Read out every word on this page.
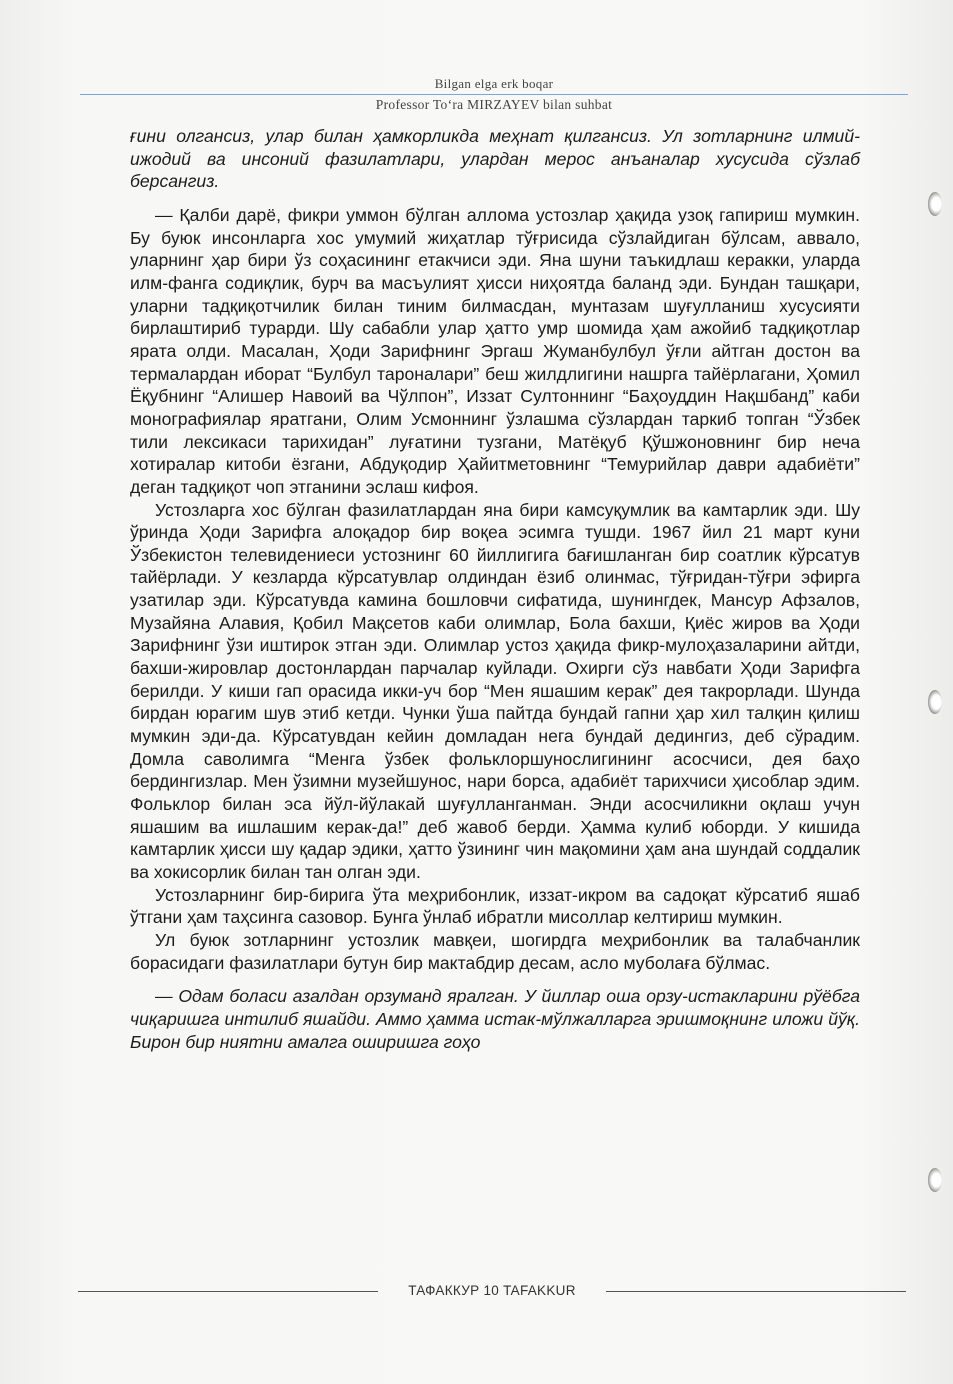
Bilgan elga erk boqar
Professor To‘ra MIRZAYEV bilan suhbat

ғини олгансиз, улар билан ҳамкорликда меҳнат қилгансиз. Ул зотларнинг илмий-ижодий ва инсоний фазилатлари, улардан мерос анъаналар хусусида сўзлаб берсангиз.

— Қалби дарё, фикри уммон бўлган аллома устозлар ҳақида узоқ гапириш мумкин. Бу буюк инсонларга хос умумий жиҳатлар тўғрисида сўзлайдиган бўлсам, аввало, уларнинг ҳар бири ўз соҳасининг етакчиси эди. Яна шуни таъкидлаш керакки, уларда илм-фанга содиқлик, бурч ва масъулият ҳисси ниҳоятда баланд эди. Бундан ташқари, уларни тадқиқотчилик билан тиним билмасдан, мунтазам шуғулланиш хусусияти бирлаштириб турарди. Шу сабабли улар ҳатто умр шомида ҳам ажойиб тадқиқотлар ярата олди. Масалан, Ҳоди Зарифнинг Эргаш Жуманбулбул ўғли айтган достон ва термалардан иборат “Булбул тароналари” беш жилдлигини нашрга тайёрлагани, Ҳомил Ёқубнинг “Алишер Навоий ва Чўлпон”, Иззат Султоннинг “Баҳоуддин Нақшбанд” каби монографиялар яратгани, Олим Усмоннинг ўзлашма сўзлардан таркиб топган “Ўзбек тили лексикаси тарихидан” луғатини тузгани, Матёқуб Қўшжоновнинг бир неча хотиралар китоби ёзгани, Абдуқодир Ҳайитметовнинг “Темурийлар даври адабиёти” деган тадқиқот чоп этганини эслаш кифоя.

Устозларга хос бўлган фазилатлардан яна бири камсуқумлик ва камтарлик эди. Шу ўринда Ҳоди Зарифга алоқадор бир воқеа эсимга тушди. 1967 йил 21 март куни Ўзбекистон телевидениеси устознинг 60 йиллигига бағишланган бир соатлик кўрсатув тайёрлади. У кезларда кўрсатувлар олдиндан ёзиб олинмас, тўғридан-тўғри эфирга узатилар эди. Кўрсатувда камина бошловчи сифатида, шунингдек, Мансур Афзалов, Музайяна Алавия, Қобил Мақсетов каби олимлар, Бола бахши, Қиёс жиров ва Ҳоди Зарифнинг ўзи иштирок этган эди. Олимлар устоз ҳақида фикр-мулоҳазаларини айтди, бахши-жировлар достонлардан парчалар куйлади. Охирги сўз навбати Ҳоди Зарифга берилди. У киши гап орасида икки-уч бор “Мен яшашим керак” дея такрорлади. Шунда бирдан юрагим шув этиб кетди. Чунки ўша пайтда бундай гапни ҳар хил талқин қилиш мумкин эди-да. Кўрсатувдан кейин домладан нега бундай дедингиз, деб сўрадим. Домла саволимга “Менга ўзбек фольклоршунослигининг асосчиси, дея баҳо бердингизлар. Мен ўзимни музейшунос, нари борса, адабиёт тарихчиси ҳисоблар эдим. Фольклор билан эса йўл-йўлакай шуғулланганман. Энди асосчиликни оқлаш учун яшашим ва ишлашим керак-да!” деб жавоб берди. Ҳамма кулиб юборди. У кишида камтарлик ҳисси шу қадар эдики, ҳатто ўзининг чин мақомини ҳам ана шундай соддалик ва хокисорлик билан тан олган эди.

Устозларнинг бир-бирига ўта меҳрибонлик, иззат-икром ва садоқат кўрсатиб яшаб ўтгани ҳам таҳсинга сазовор. Бунга ўнлаб ибратли мисоллар келтириш мумкин.

Ул буюк зотларнинг устозлик мавқеи, шогирдга меҳрибонлик ва талабчанлик борасидаги фазилатлари бутун бир мактабдир десам, асло муболаға бўлмас.

— Одам боласи азалдан орзуманд яралган. У йиллар оша орзу-истакларини рўёбга чиқаришга интилиб яшайди. Аммо ҳамма истак-мўлжалларга эришмоқнинг иложи йўқ. Бирон бир ниятни амалга оширишга гоҳо

ТАФАККУР 10 TAFAKKUR
